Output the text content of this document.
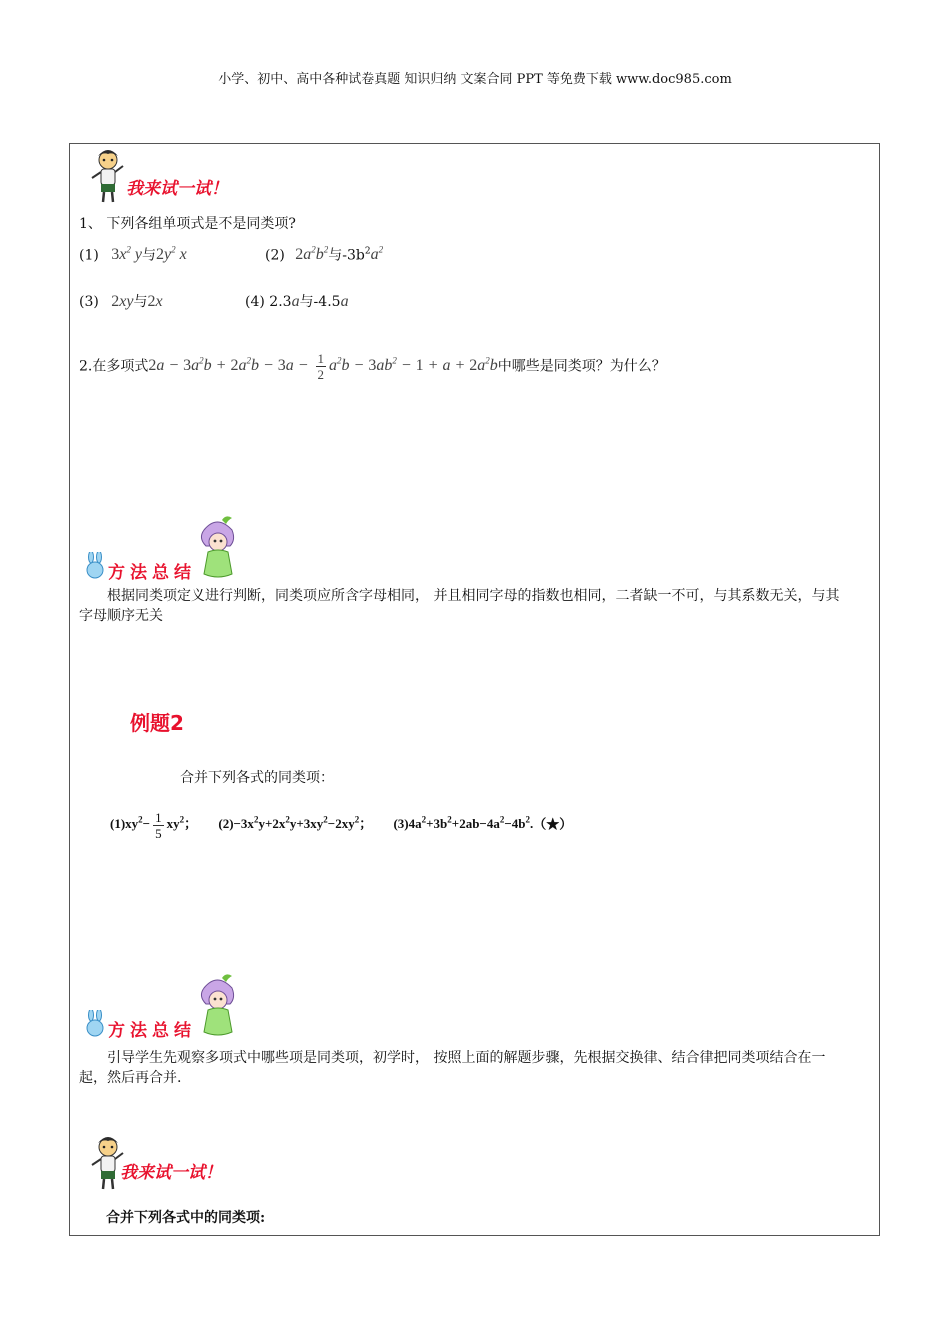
小学、初中、高中各种试卷真题 知识归纳 文案合同 PPT 等免费下载 www.doc985.com
我来试一试！
1、 下列各组单项式是不是同类项?
(1) $3x^2$ y与$2y^2$ x	(2) $2a^2b^2$与$-3b^2a^2$
(3) 2xy与2x	(4) 2.3a与-4.5a
2.在多项式$2a - 3a^2b + 2a^2b - 3a - \frac{1}{2} a^2b - 3ab^2 - 1 + a + 2a^2b$中哪些是同类项？为什么？
方法总结
根据同类项定义进行判断，同类项应所含字母相同， 并且相同字母的指数也相同，二者缺一不可，与其系数无关，与其字母顺序无关
例题2
合并下列各式的同类项：
$(1)xy^2- \frac{1}{5} xy^2$； $(2)-3x^2y+2x^2y+3xy^2-2xy^2$； $(3)4a^2+3b^2+2ab-4a^2-4b^2.(★)$
方法总结
引导学生先观察多项式中哪些项是同类项，初学时， 按照上面的解题步骤，先根据交换律、结合律把同类项结合在一起，然后再合并.
我来试一试！
合并下列各式中的同类项:
